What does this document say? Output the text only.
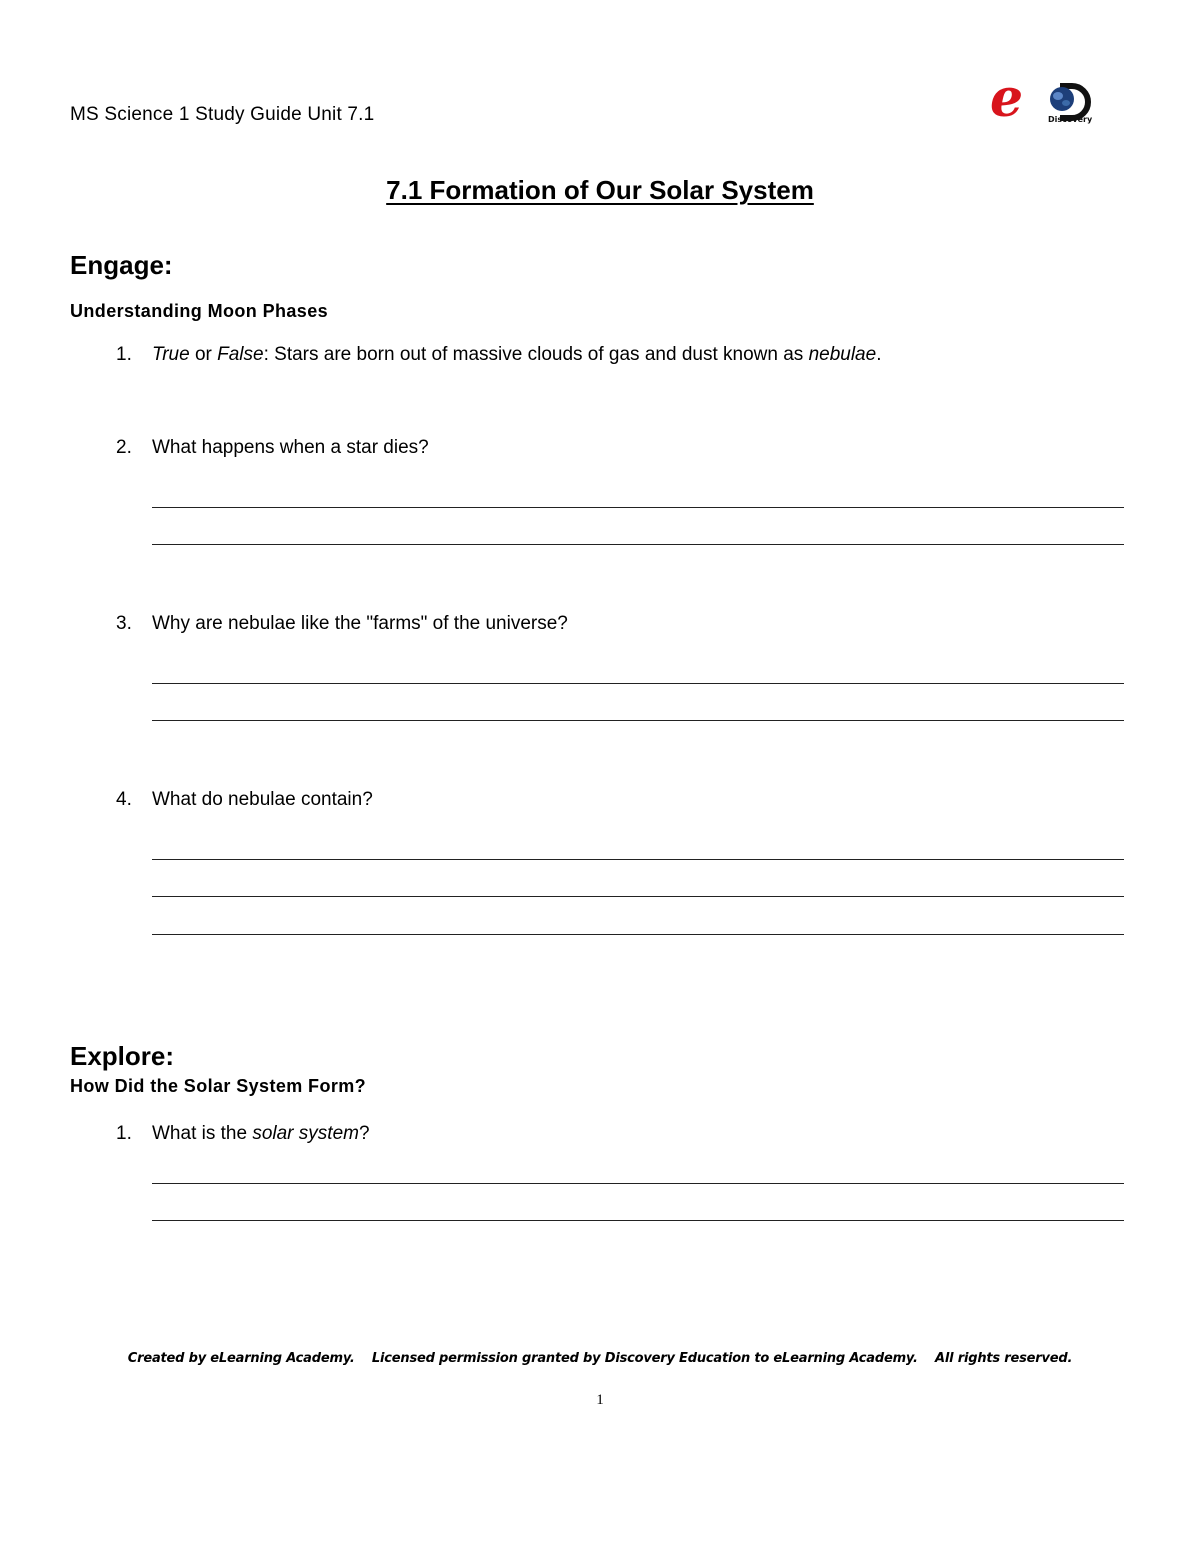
MS Science 1 Study Guide Unit 7.1	e	Discovery
7.1 Formation of Our Solar System
Engage:
Understanding Moon Phases
1.	True or False: Stars are born out of massive clouds of gas and dust known as nebulae.
2.	What happens when a star dies?
3.	Why are nebulae like the "farms" of the universe?
4.	What do nebulae contain?
Explore:
How Did the Solar System Form?
1.	What is the solar system?
Created by eLearning Academy.    Licensed permission granted by Discovery Education to eLearning Academy.    All rights reserved.
1
